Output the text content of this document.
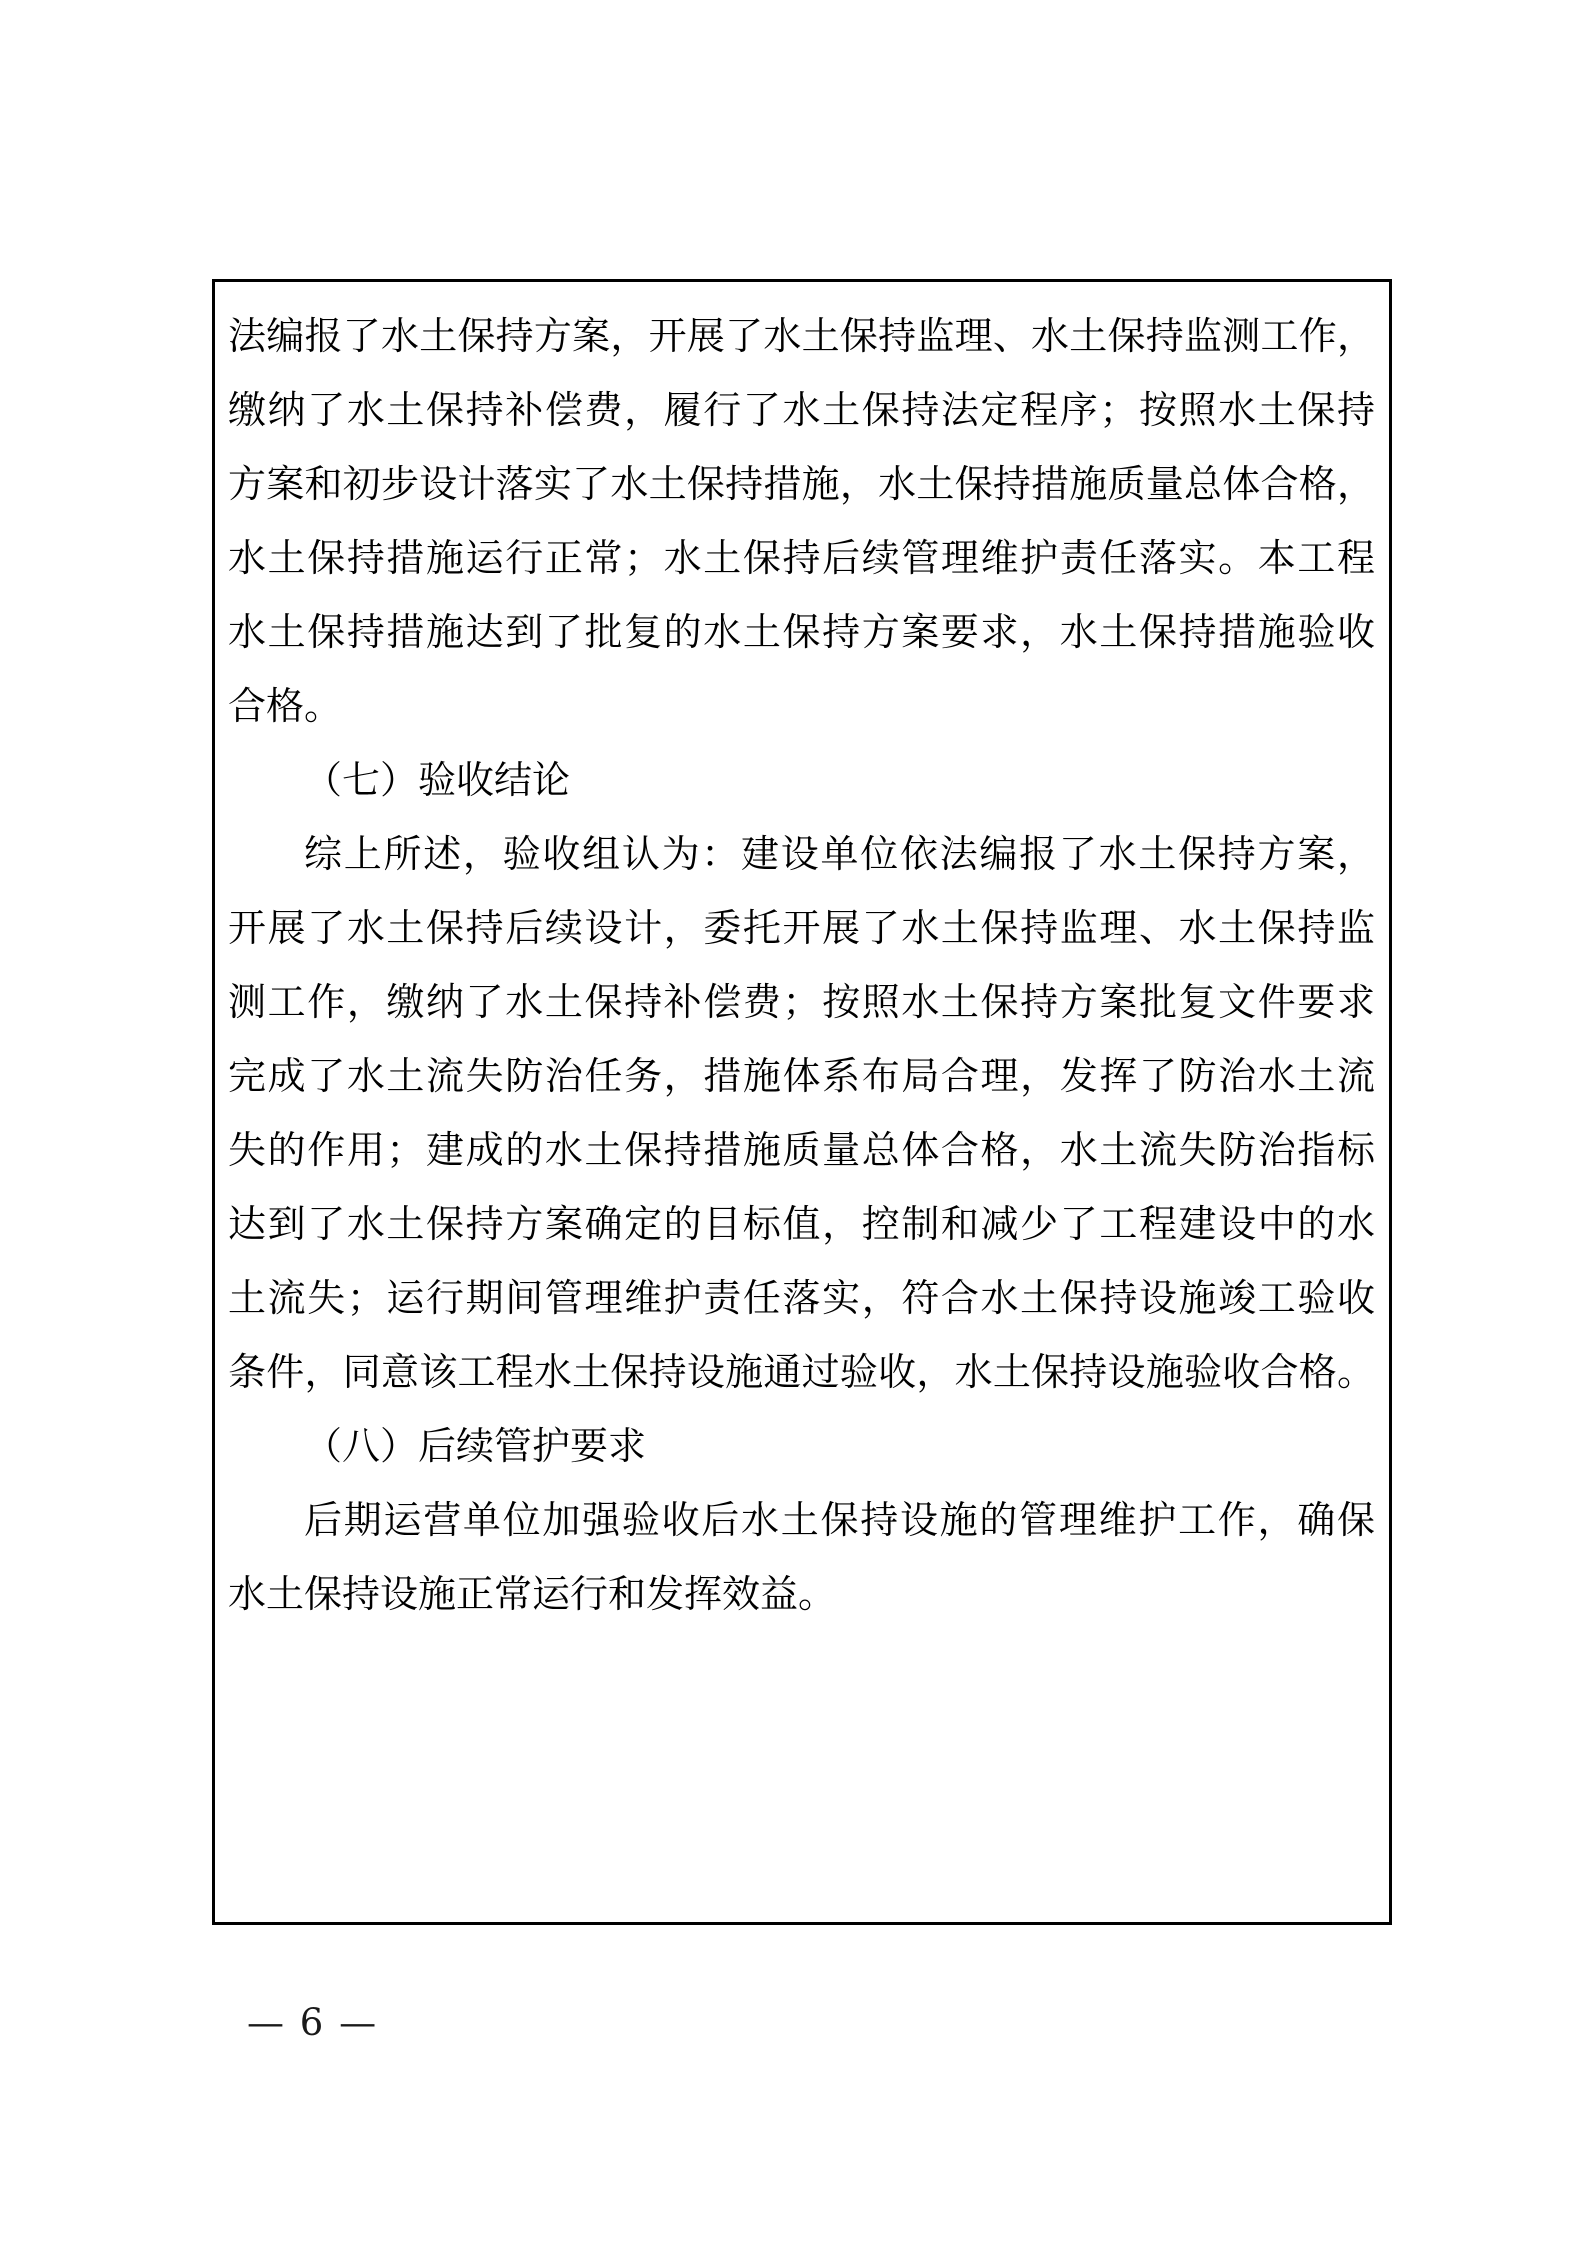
法编报了水土保持方案，开展了水土保持监理、水土保持监测工作，
缴纳了水土保持补偿费，履行了水土保持法定程序；按照水土保持
方案和初步设计落实了水土保持措施，水土保持措施质量总体合格，
水土保持措施运行正常；水土保持后续管理维护责任落实。本工程
水土保持措施达到了批复的水土保持方案要求，水土保持措施验收
合格。
（七）验收结论
综上所述，验收组认为：建设单位依法编报了水土保持方案，
开展了水土保持后续设计，委托开展了水土保持监理、水土保持监
测工作，缴纳了水土保持补偿费；按照水土保持方案批复文件要求
完成了水土流失防治任务，措施体系布局合理，发挥了防治水土流
失的作用；建成的水土保持措施质量总体合格，水土流失防治指标
达到了水土保持方案确定的目标值，控制和减少了工程建设中的水
土流失；运行期间管理维护责任落实，符合水土保持设施竣工验收
条件，同意该工程水土保持设施通过验收，水土保持设施验收合格。
（八）后续管护要求
后期运营单位加强验收后水土保持设施的管理维护工作，确保
水土保持设施正常运行和发挥效益。
— 6 —
